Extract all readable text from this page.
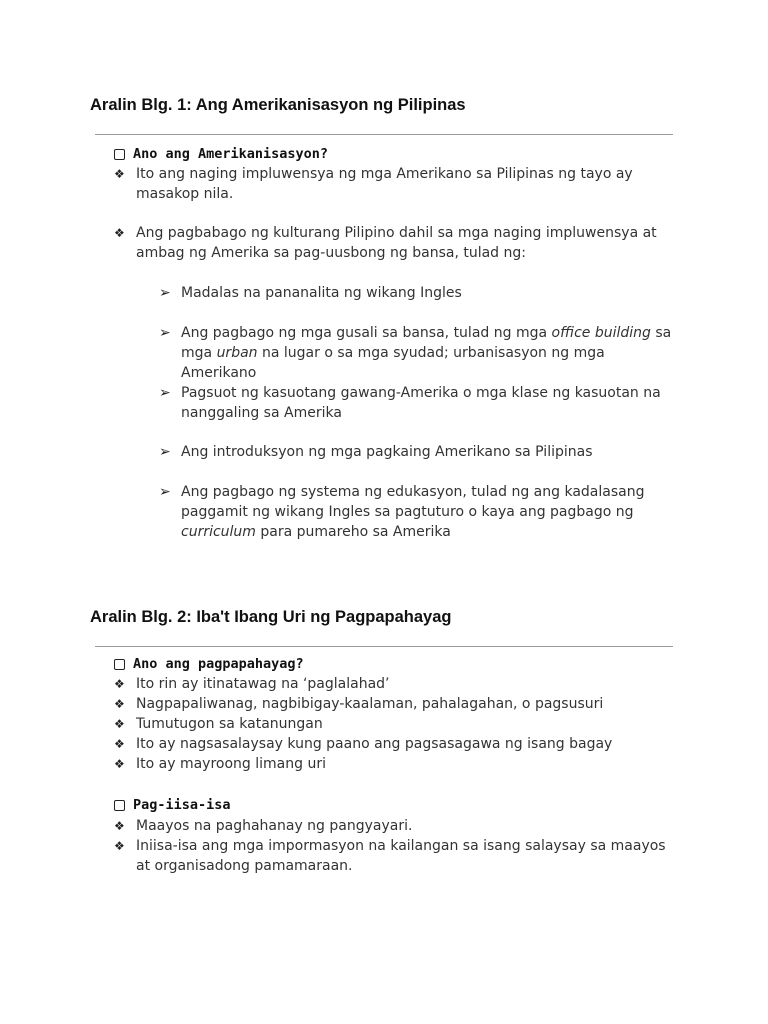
Aralin Blg. 1: Ang Amerikanisasyon ng Pilipinas
Ano ang Amerikanisasyon?
❖ Ito ang naging impluwensya ng mga Amerikano sa Pilipinas ng tayo ay masakop nila.
❖ Ang pagbabago ng kulturang Pilipino dahil sa mga naging impluwensya at ambag ng Amerika sa pag-uusbong ng bansa, tulad ng:
➢ Madalas na pananalita ng wikang Ingles
➢ Ang pagbago ng mga gusali sa bansa, tulad ng mga office building sa mga urban na lugar o sa mga syudad; urbanisasyon ng mga Amerikano
➢ Pagsuot ng kasuotang gawang-Amerika o mga klase ng kasuotan na nanggaling sa Amerika
➢ Ang introduksyon ng mga pagkaing Amerikano sa Pilipinas
➢ Ang pagbago ng systema ng edukasyon, tulad ng ang kadalasang paggamit ng wikang Ingles sa pagtuturo o kaya ang pagbago ng curriculum para pumareho sa Amerika
Aralin Blg. 2: Iba't Ibang Uri ng Pagpapahayag
Ano ang pagpapahayag?
❖ Ito rin ay itinatawag na ‘paglalahad’
❖ Nagpapaliwanag, nagbibigay-kaalaman, pahalagahan, o pagsusuri
❖ Tumutugon sa katanungan
❖ Ito ay nagsasalaysay kung paano ang pagsasagawa ng isang bagay
❖ Ito ay mayroong limang uri
Pag-iisa-isa
❖ Maayos na paghahanay ng pangyayari.
❖ Iniisa-isa ang mga impormasyon na kailangan sa isang salaysay sa maayos at organisadong pamamaraan.
